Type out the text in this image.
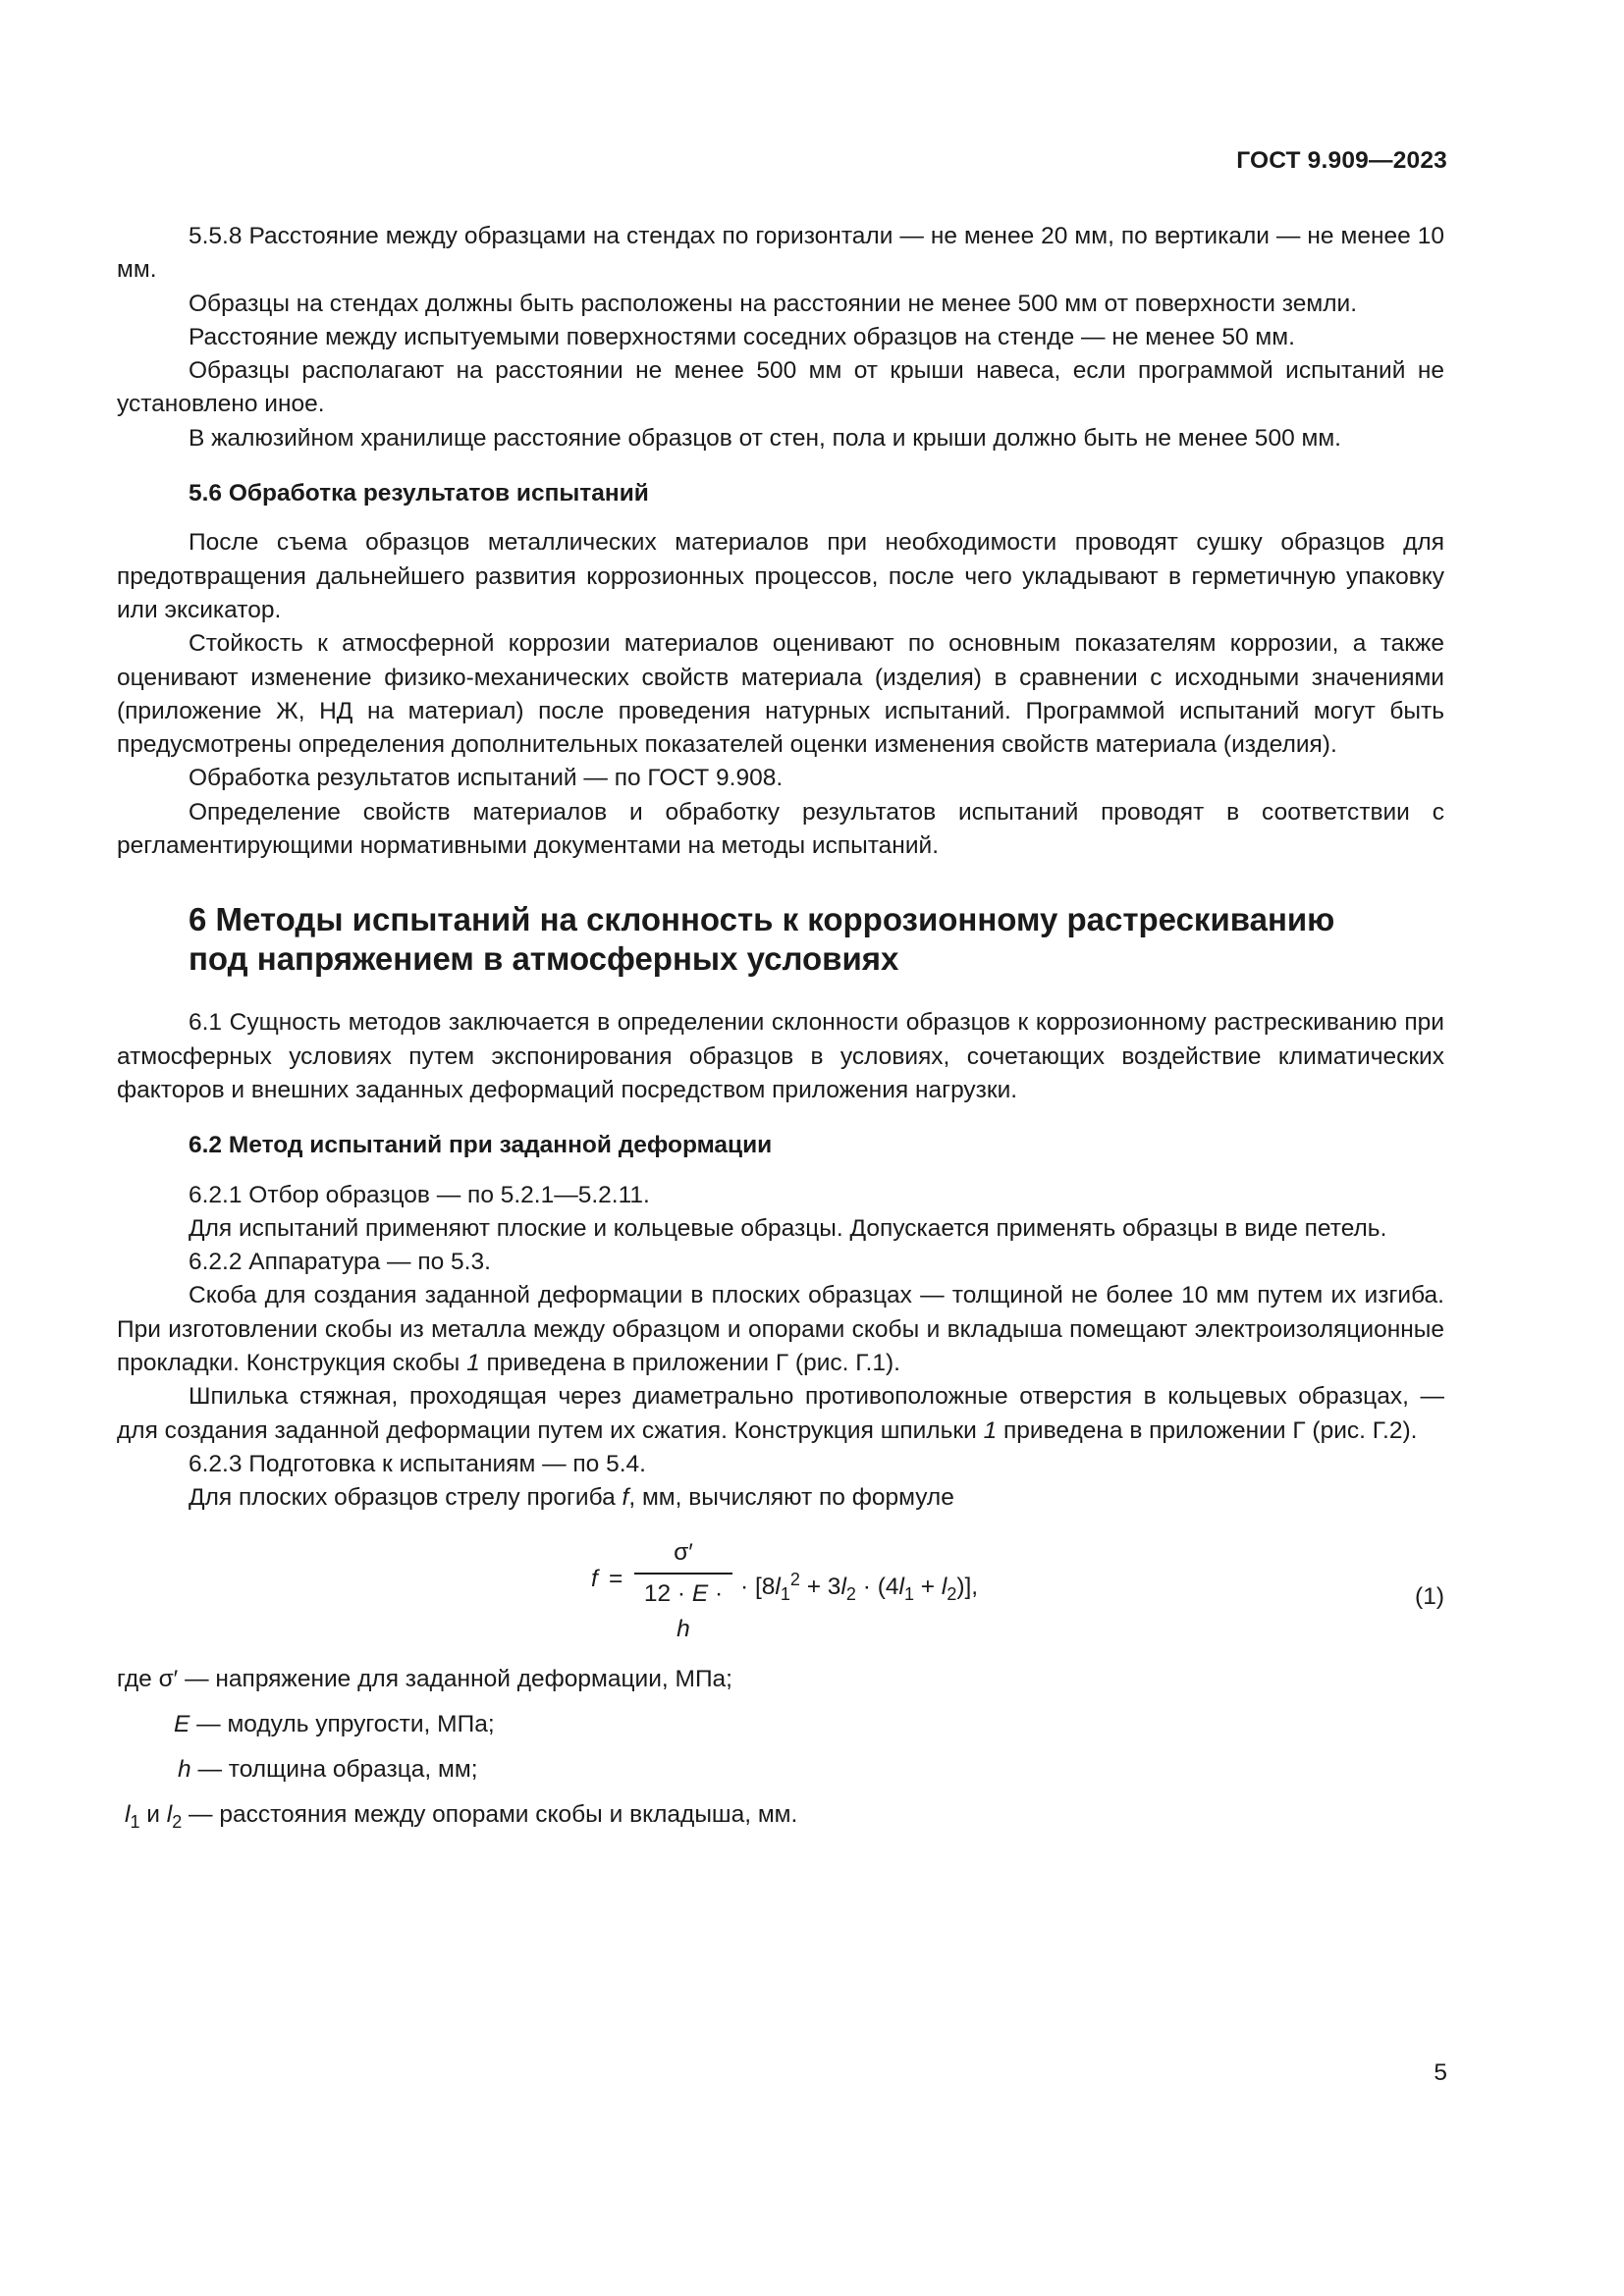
ГОСТ 9.909—2023

5.5.8 Расстояние между образцами на стендах по горизонтали — не менее 20 мм, по вертикали — не менее 10 мм.

Образцы на стендах должны быть расположены на расстоянии не менее 500 мм от поверхности земли.

Расстояние между испытуемыми поверхностями соседних образцов на стенде — не менее 50 мм.

Образцы располагают на расстоянии не менее 500 мм от крыши навеса, если программой испытаний не установлено иное.

В жалюзийном хранилище расстояние образцов от стен, пола и крыши должно быть не менее 500 мм.

5.6 Обработка результатов испытаний

После съема образцов металлических материалов при необходимости проводят сушку образцов для предотвращения дальнейшего развития коррозионных процессов, после чего укладывают в герметичную упаковку или эксикатор.

Стойкость к атмосферной коррозии материалов оценивают по основным показателям коррозии, а также оценивают изменение физико-механических свойств материала (изделия) в сравнении с исходными значениями (приложение Ж, НД на материал) после проведения натурных испытаний. Программой испытаний могут быть предусмотрены определения дополнительных показателей оценки изменения свойств материала (изделия).

Обработка результатов испытаний — по ГОСТ 9.908.

Определение свойств материалов и обработку результатов испытаний проводят в соответствии с регламентирующими нормативными документами на методы испытаний.

6 Методы испытаний на склонность к коррозионному растрескиванию
под напряжением в атмосферных условиях

6.1 Сущность методов заключается в определении склонности образцов к коррозионному растрескиванию при атмосферных условиях путем экспонирования образцов в условиях, сочетающих воздействие климатических факторов и внешних заданных деформаций посредством приложения нагрузки.

6.2 Метод испытаний при заданной деформации

6.2.1 Отбор образцов — по 5.2.1—5.2.11.

Для испытаний применяют плоские и кольцевые образцы. Допускается применять образцы в виде петель.

6.2.2 Аппаратура — по 5.3.

Скоба для создания заданной деформации в плоских образцах — толщиной не более 10 мм путем их изгиба. При изготовлении скобы из металла между образцом и опорами скобы и вкладыша помещают электроизоляционные прокладки. Конструкция скобы 1 приведена в приложении Г (рис. Г.1).

Шпилька стяжная, проходящая через диаметрально противоположные отверстия в кольцевых образцах, — для создания заданной деформации путем их сжатия. Конструкция шпильки 1 приведена в приложении Г (рис. Г.2).

6.2.3 Подготовка к испытаниям — по 5.4.

Для плоских образцов стрелу прогиба f, мм, вычисляют по формуле

f =
σ′
12 · E · h
· $[8l_1^2 + 3l_2 \cdot (4l_1 + l_2)]$,	(1)
где σ′ — напряжение для заданной деформации, МПа;
E — модуль упругости, МПа;
h — толщина образца, мм;
$l_1$ и $l_2$ — расстояния между опорами скобы и вкладыша, мм.
5
